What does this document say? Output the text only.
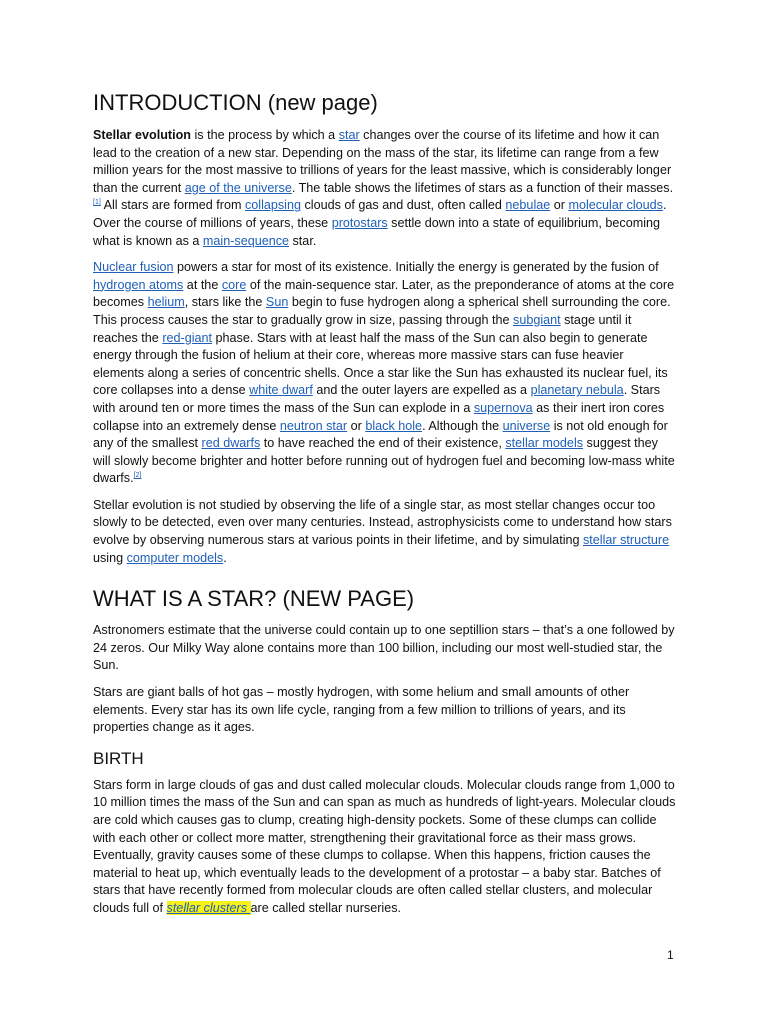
INTRODUCTION (new page)

Stellar evolution is the process by which a star changes over the course of its lifetime and how it can lead to the creation of a new star. Depending on the mass of the star, its lifetime can range from a few million years for the most massive to trillions of years for the least massive, which is considerably longer than the current age of the universe. The table shows the lifetimes of stars as a function of their masses.[1] All stars are formed from collapsing clouds of gas and dust, often called nebulae or molecular clouds. Over the course of millions of years, these protostars settle down into a state of equilibrium, becoming what is known as a main-sequence star.

Nuclear fusion powers a star for most of its existence. Initially the energy is generated by the fusion of hydrogen atoms at the core of the main-sequence star. Later, as the preponderance of atoms at the core becomes helium, stars like the Sun begin to fuse hydrogen along a spherical shell surrounding the core. This process causes the star to gradually grow in size, passing through the subgiant stage until it reaches the red-giant phase. Stars with at least half the mass of the Sun can also begin to generate energy through the fusion of helium at their core, whereas more massive stars can fuse heavier elements along a series of concentric shells. Once a star like the Sun has exhausted its nuclear fuel, its core collapses into a dense white dwarf and the outer layers are expelled as a planetary nebula. Stars with around ten or more times the mass of the Sun can explode in a supernova as their inert iron cores collapse into an extremely dense neutron star or black hole. Although the universe is not old enough for any of the smallest red dwarfs to have reached the end of their existence, stellar models suggest they will slowly become brighter and hotter before running out of hydrogen fuel and becoming low-mass white dwarfs.[2]

Stellar evolution is not studied by observing the life of a single star, as most stellar changes occur too slowly to be detected, even over many centuries. Instead, astrophysicists come to understand how stars evolve by observing numerous stars at various points in their lifetime, and by simulating stellar structure using computer models.

WHAT IS A STAR? (NEW PAGE)

Astronomers estimate that the universe could contain up to one septillion stars – that’s a one followed by 24 zeros. Our Milky Way alone contains more than 100 billion, including our most well-studied star, the Sun.

Stars are giant balls of hot gas – mostly hydrogen, with some helium and small amounts of other elements. Every star has its own life cycle, ranging from a few million to trillions of years, and its properties change as it ages.

BIRTH

Stars form in large clouds of gas and dust called molecular clouds. Molecular clouds range from 1,000 to 10 million times the mass of the Sun and can span as much as hundreds of light-years. Molecular clouds are cold which causes gas to clump, creating high-density pockets. Some of these clumps can collide with each other or collect more matter, strengthening their gravitational force as their mass grows. Eventually, gravity causes some of these clumps to collapse. When this happens, friction causes the material to heat up, which eventually leads to the development of a protostar – a baby star. Batches of stars that have recently formed from molecular clouds are often called stellar clusters, and molecular clouds full of stellar clusters are called stellar nurseries.

1
